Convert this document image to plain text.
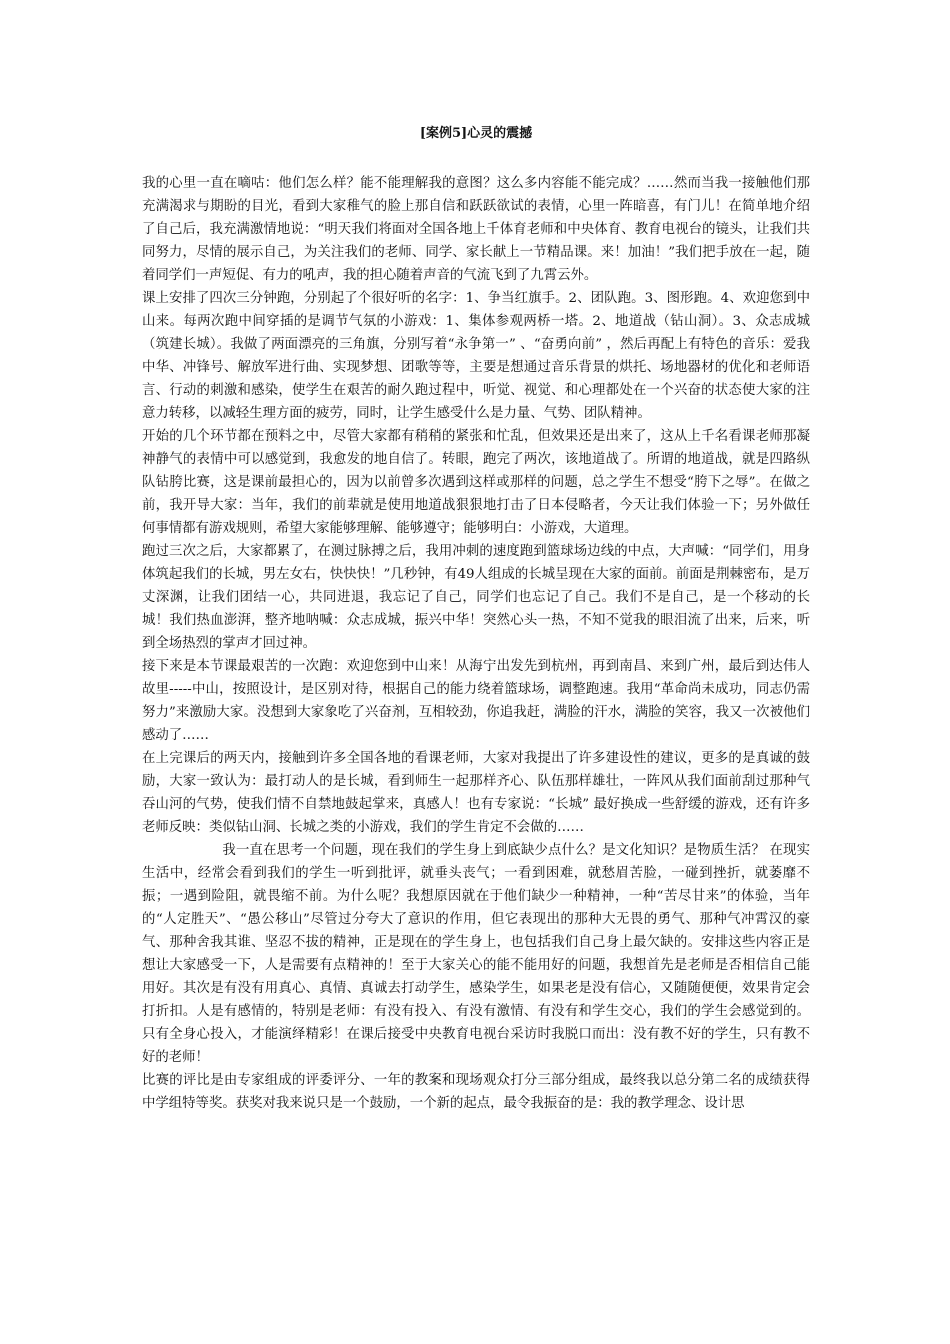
[案例5]心灵的震撼

我的心里一直在嘀咕：他们怎么样？能不能理解我的意图？这么多内容能不能完成？……然而当我一接触他们那充满渴求与期盼的目光，看到大家稚气的脸上那自信和跃跃欲试的表情，心里一阵暗喜，有门儿！在简单地介绍了自己后，我充满激情地说：“明天我们将面对全国各地上千体育老师和中央体育、教育电视台的镜头，让我们共同努力，尽情的展示自己，为关注我们的老师、同学、家长献上一节精品课。来！加油！”我们把手放在一起，随着同学们一声短促、有力的吼声，我的担心随着声音的气流飞到了九霄云外。

课上安排了四次三分钟跑，分别起了个很好听的名字：1、争当红旗手。2、团队跑。3、图形跑。4、欢迎您到中山来。每两次跑中间穿插的是调节气氛的小游戏：1、集体参观两桥一塔。2、地道战（钻山洞）。3、众志成城（筑建长城）。我做了两面漂亮的三角旗，分别写着“永争第一” 、“奋勇向前” ，然后再配上有特色的音乐：爱我中华、冲锋号、解放军进行曲、实现梦想、团歌等等，主要是想通过音乐背景的烘托、场地器材的优化和老师语言、行动的刺激和感染，使学生在艰苦的耐久跑过程中，听觉、视觉、和心理都处在一个兴奋的状态使大家的注意力转移，以减轻生理方面的疲劳，同时，让学生感受什么是力量、气势、团队精神。

开始的几个环节都在预料之中，尽管大家都有稍稍的紧张和忙乱，但效果还是出来了，这从上千名看课老师那凝神静气的表情中可以感觉到，我愈发的地自信了。转眼，跑完了两次，该地道战了。所谓的地道战，就是四路纵队钻胯比赛，这是课前最担心的，因为以前曾多次遇到这样或那样的问题，总之学生不想受“胯下之辱”。在做之前，我开导大家：当年，我们的前辈就是使用地道战狠狠地打击了日本侵略者，今天让我们体验一下；另外做任何事情都有游戏规则，希望大家能够理解、能够遵守；能够明白：小游戏，大道理。

跑过三次之后，大家都累了，在测过脉搏之后，我用冲刺的速度跑到篮球场边线的中点，大声喊：“同学们，用身体筑起我们的长城，男左女右，快快快！”几秒钟，有49人组成的长城呈现在大家的面前。前面是荆棘密布，是万丈深渊，让我们团结一心，共同进退，我忘记了自己，同学们也忘记了自己。我们不是自己，是一个移动的长城！我们热血澎湃，整齐地呐喊：众志成城，振兴中华！突然心头一热，不知不觉我的眼泪流了出来，后来，听到全场热烈的掌声才回过神。

接下来是本节课最艰苦的一次跑：欢迎您到中山来！从海宁出发先到杭州，再到南昌、来到广州，最后到达伟人故里-----中山，按照设计，是区别对待，根据自己的能力绕着篮球场，调整跑速。我用“革命尚未成功，同志仍需努力”来激励大家。没想到大家象吃了兴奋剂，互相较劲，你追我赶，满脸的汗水，满脸的笑容，我又一次被他们感动了……

在上完课后的两天内，接触到许多全国各地的看课老师，大家对我提出了许多建设性的建议，更多的是真诚的鼓励，大家一致认为：最打动人的是长城，看到师生一起那样齐心、队伍那样雄壮，一阵风从我们面前刮过那种气吞山河的气势，使我们情不自禁地鼓起掌来，真感人！也有专家说：“长城” 最好换成一些舒缓的游戏，还有许多老师反映：类似钻山洞、长城之类的小游戏，我们的学生肯定不会做的……

我一直在思考一个问题，现在我们的学生身上到底缺少点什么？是文化知识？是物质生活？ 在现实生活中，经常会看到我们的学生一听到批评，就垂头丧气；一看到困难，就愁眉苦脸，一碰到挫折，就萎靡不振；一遇到险阻，就畏缩不前。为什么呢？我想原因就在于他们缺少一种精神，一种“苦尽甘来”的体验，当年的“人定胜天”、“愚公移山”尽管过分夸大了意识的作用，但它表现出的那种大无畏的勇气、那种气冲霄汉的豪气、那种舍我其谁、坚忍不拔的精神，正是现在的学生身上，也包括我们自己身上最欠缺的。安排这些内容正是想让大家感受一下，人是需要有点精神的！至于大家关心的能不能用好的问题，我想首先是老师是否相信自己能用好。其次是有没有用真心、真情、真诚去打动学生，感染学生，如果老是没有信心，又随随便便，效果肯定会打折扣。人是有感情的，特别是老师：有没有投入、有没有激情、有没有和学生交心，我们的学生会感觉到的。只有全身心投入，才能演绎精彩！在课后接受中央教育电视台采访时我脱口而出：没有教不好的学生，只有教不好的老师！

比赛的评比是由专家组成的评委评分、一年的教案和现场观众打分三部分组成，最终我以总分第二名的成绩获得中学组特等奖。获奖对我来说只是一个鼓励，一个新的起点，最令我振奋的是：我的教学理念、设计思
